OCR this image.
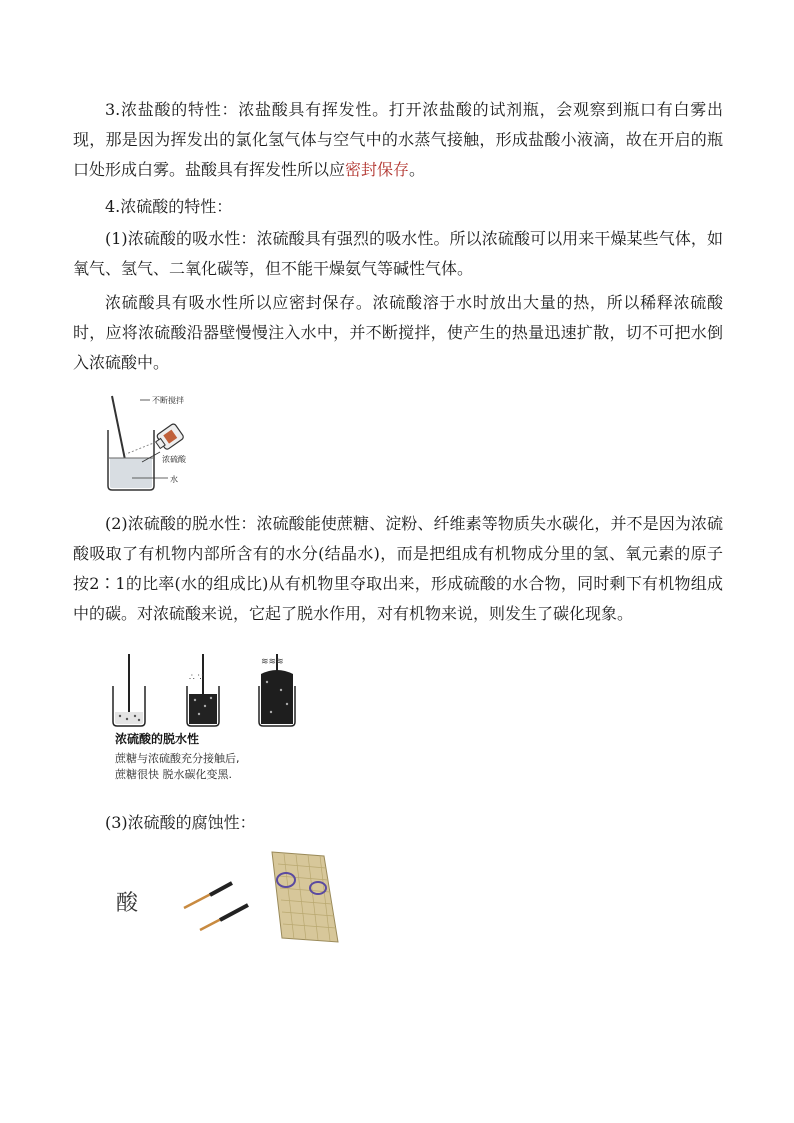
3.浓盐酸的特性：浓盐酸具有挥发性。打开浓盐酸的试剂瓶，会观察到瓶口有白雾出现，那是因为挥发出的氯化氢气体与空气中的水蒸气接触，形成盐酸小液滴，故在开启的瓶口处形成白雾。盐酸具有挥发性所以应密封保存。

4.浓硫酸的特性：

(1)浓硫酸的吸水性：浓硫酸具有强烈的吸水性。所以浓硫酸可以用来干燥某些气体，如氧气、氢气、二氧化碳等，但不能干燥氨气等碱性气体。

浓硫酸具有吸水性所以应密封保存。浓硫酸溶于水时放出大量的热，所以稀释浓硫酸时，应将浓硫酸沿器壁慢慢注入水中，并不断搅拌，使产生的热量迅速扩散，切不可把水倒入浓硫酸中。

不断搅拌
浓硫酸
水

(2)浓硫酸的脱水性：浓硫酸能使蔗糖、淀粉、纤维素等物质失水碳化，并不是因为浓硫酸吸取了有机物内部所含有的水分(结晶水)，而是把组成有机物成分里的氢、氧元素的原子按2∶1的比率(水的组成比)从有机物里夺取出来，形成硫酸的水合物，同时剩下有机物组成中的碳。对浓硫酸来说，它起了脱水作用，对有机物来说，则发生了碳化现象。

∴ ∵
≋≋≋
浓硫酸的脱水性
蔗糖与浓硫酸充分接触后,
蔗糖很快 脱水碳化变黑.

(3)浓硫酸的腐蚀性：

酸
